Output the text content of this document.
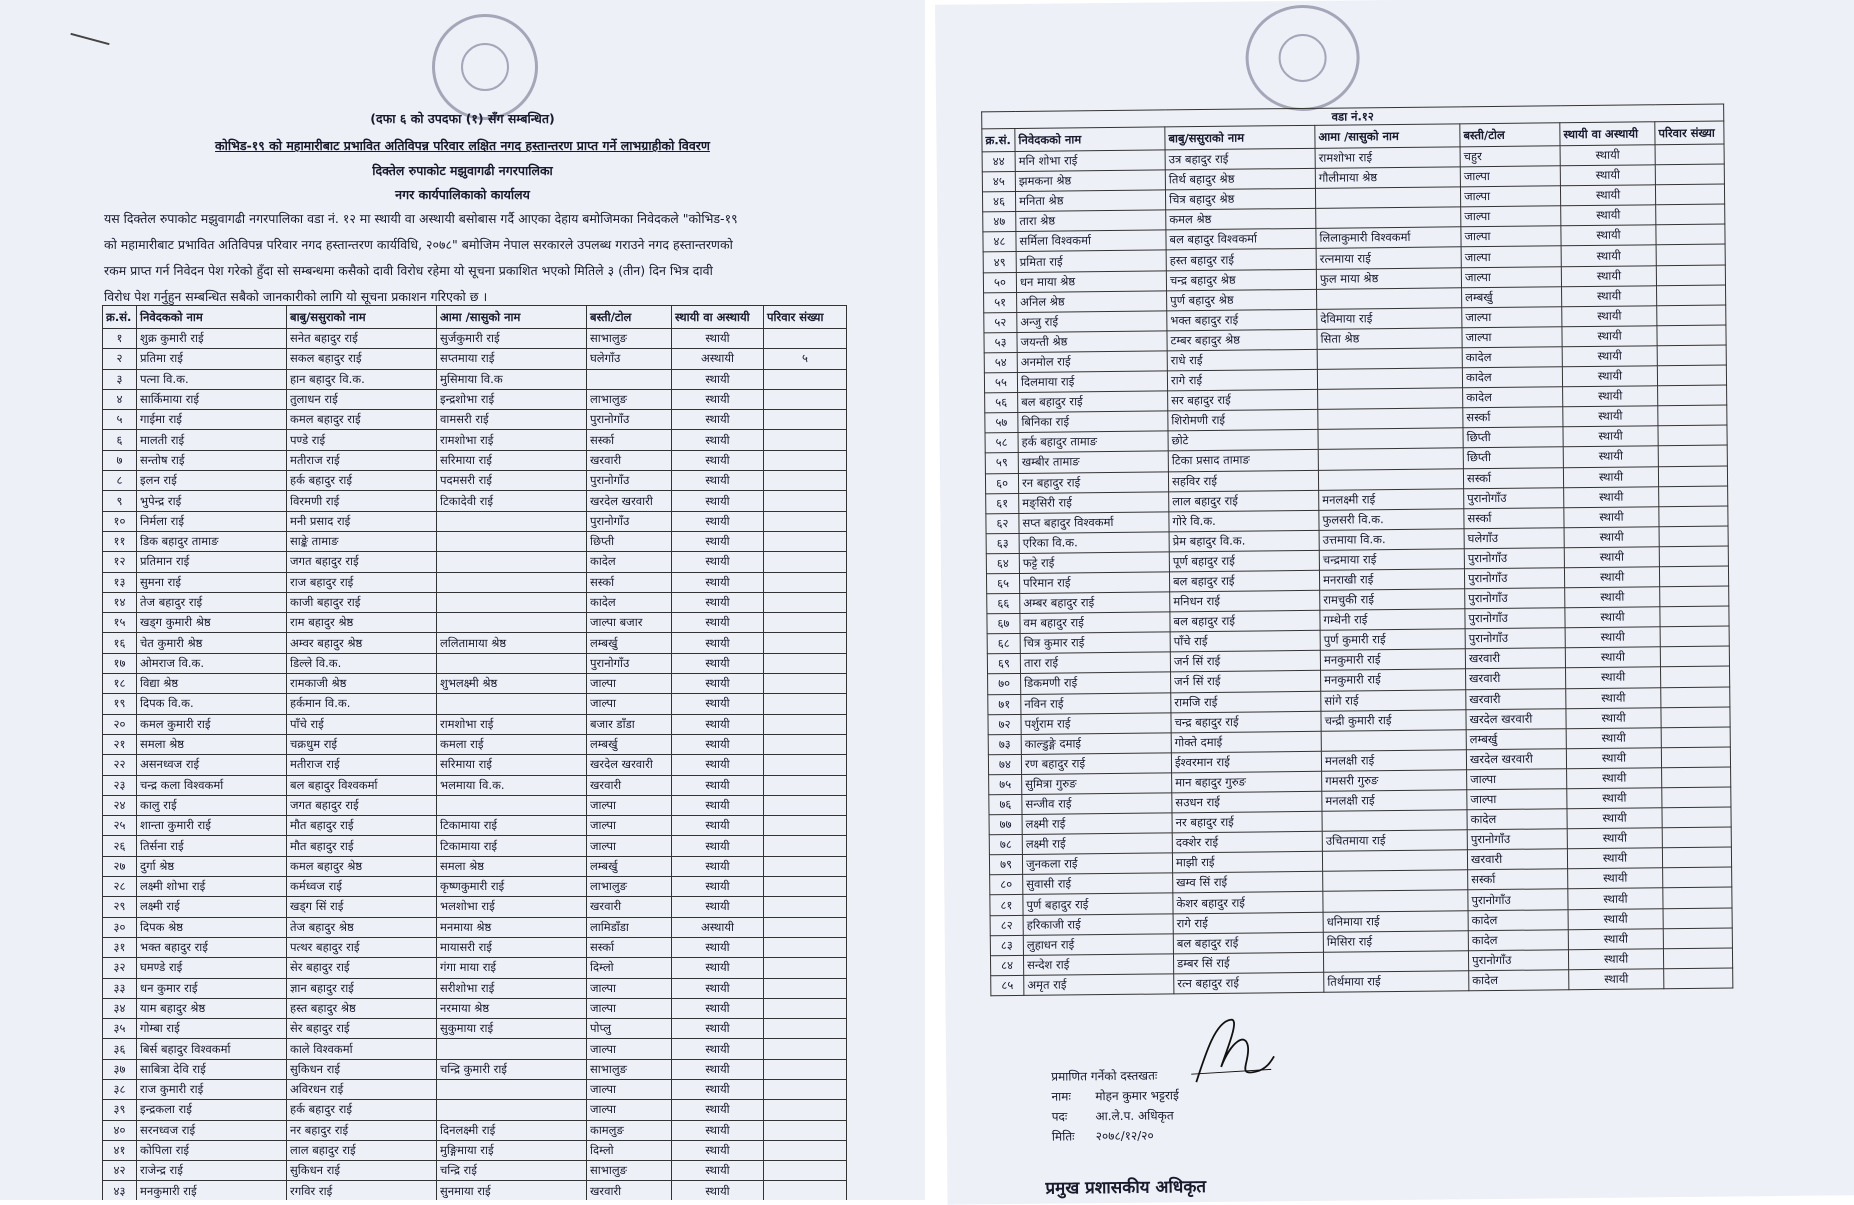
(दफा ६ को उपदफा (१) सँग सम्बन्धित)
कोभिड-१९ को महामारीबाट प्रभावित अतिविपन्न परिवार लक्षित नगद हस्तान्तरण प्राप्त गर्ने लाभग्राहीको विवरण
दिक्तेल रुपाकोट मझुवागढी नगरपालिका
नगर कार्यपालिकाको कार्यालय
यस दिक्तेल रुपाकोट मझुवागढी नगरपालिका वडा नं. १२ मा स्थायी वा अस्थायी बसोबास गर्दै आएका देहाय बमोजिमका निवेदकले "कोभिड-१९
को महामारीबाट प्रभावित अतिविपन्न परिवार नगद हस्तान्तरण कार्यविधि, २०७८" बमोजिम नेपाल सरकारले उपलब्ध गराउने नगद हस्तान्तरणको
रकम प्राप्त गर्न निवेदन पेश गरेको हुँदा सो सम्बन्धमा कसैको दावी विरोध रहेमा यो सूचना प्रकाशित भएको मितिले ३ (तीन) दिन भित्र दावी
विरोध पेश गर्नुहुन सम्बन्धित सबैको जानकारीको लागि यो सूचना प्रकाशन गरिएको छ ।
क्र.सं.	निवेदकको नाम	बाबु/ससुराको नाम	आमा /सासुको नाम	बस्ती/टोल	स्थायी वा अस्थायी	परिवार संख्या
१	शुक्र कुमारी राई	सनेत बहादुर राई	सुर्जकुमारी राई	साभालुङ	स्थायी	
२	प्रतिमा राई	सकल बहादुर राई	सप्तमाया राई	घलेगाँउ	अस्थायी	५
३	पत्ना वि.क.	हान बहादुर वि.क.	मुसिमाया वि.क		स्थायी	
४	सार्किमाया राई	तुलाधन राई	इन्द्रशोभा राई	लाभालुङ	स्थायी	
५	गाईमा राई	कमल बहादुर राई	वामसरी राई	पुरानोगाँउ	स्थायी	
६	मालती राई	पण्डे राई	रामशोभा राई	सर्स्का	स्थायी	
७	सन्तोष राई	मतीराज राई	सरिमाया राई	खरवारी	स्थायी	
८	इलन राई	हर्क बहादुर राई	पदमसरी राई	पुरानोगाँउ	स्थायी	
९	भुपेन्द्र राई	विरमणी राई	टिकादेवी राई	खरदेल खरवारी	स्थायी	
१०	निर्मला राई	मनी प्रसाद राई		पुरानोगाँउ	स्थायी	
११	डिक बहादुर तामाङ	साङ्के तामाङ		छिप्ती	स्थायी	
१२	प्रतिमान राई	जगत बहादुर राई		कादेल	स्थायी	
१३	सुमना राई	राज बहादुर राई		सर्स्का	स्थायी	
१४	तेज बहादुर राई	काजी बहादुर राई		कादेल	स्थायी	
१५	खड्ग कुमारी श्रेष्ठ	राम बहादुर श्रेष्ठ		जाल्पा बजार	स्थायी	
१६	चेत कुमारी श्रेष्ठ	अम्वर बहादुर श्रेष्ठ	ललितामाया श्रेष्ठ	लम्बर्खु	स्थायी	
१७	ओमराज वि.क.	डिल्ले वि.क.		पुरानोगाँउ	स्थायी	
१८	विद्या श्रेष्ठ	रामकाजी श्रेष्ठ	शुभलक्ष्मी श्रेष्ठ	जाल्पा	स्थायी	
१९	दिपक वि.क.	हर्कमान वि.क.		जाल्पा	स्थायी	
२०	कमल कुमारी राई	पाँचे राई	रामशोभा राई	बजार डाँडा	स्थायी	
२१	समला श्रेष्ठ	चक्रधुम राई	कमला राई	लम्बर्खु	स्थायी	
२२	असनध्वज राई	मतीराज राई	सरिमाया राई	खरदेल खरवारी	स्थायी	
२३	चन्द्र कला विश्वकर्मा	बल बहादुर विश्वकर्मा	भलमाया वि.क.	खरवारी	स्थायी	
२४	कालु राई	जगत बहादुर राई		जाल्पा	स्थायी	
२५	शान्ता कुमारी राई	मौत बहादुर राई	टिकामाया राई	जाल्पा	स्थायी	
२६	तिर्सना राई	मौत बहादुर राई	टिकामाया राई	जाल्पा	स्थायी	
२७	दुर्गा श्रेष्ठ	कमल बहादुर श्रेष्ठ	समला श्रेष्ठ	लम्बर्खु	स्थायी	
२८	लक्ष्मी शोभा राई	कर्मध्वज राई	कृष्णकुमारी राई	लाभालुङ	स्थायी	
२९	लक्ष्मी राई	खड्ग सिं राई	भलशोभा राई	खरवारी	स्थायी	
३०	दिपक श्रेष्ठ	तेज बहादुर श्रेष्ठ	मनमाया श्रेष्ठ	लामिडाँडा	अस्थायी	
३१	भक्त बहादुर राई	पत्थर बहादुर राई	मायासरी राई	सर्स्का	स्थायी	
३२	घमण्डे राई	सेर बहादुर राई	गंगा माया राई	दिम्लो	स्थायी	
३३	धन कुमार राई	ज्ञान बहादुर राई	सरीशोभा राई	जाल्पा	स्थायी	
३४	याम बहादुर श्रेष्ठ	हस्त बहादुर श्रेष्ठ	नरमाया श्रेष्ठ	जाल्पा	स्थायी	
३५	गोम्बा राई	सेर बहादुर राई	सुकुमाया राई	पोप्लु	स्थायी	
३६	बिर्स बहादुर विश्वकर्मा	काले विश्वकर्मा		जाल्पा	स्थायी	
३७	साबित्रा देवि राई	सुकिधन राई	चन्द्रि कुमारी राई	साभालुङ	स्थायी	
३८	राज कुमारी राई	अविरधन राई		जाल्पा	स्थायी	
३९	इन्द्रकला राई	हर्क बहादुर राई		जाल्पा	स्थायी	
४०	सरनध्वज राई	नर बहादुर राई	दिनलक्ष्मी राई	कामलुङ	स्थायी	
४१	कोपिला राई	लाल बहादुर राई	मुङ्गिमाया राई	दिम्लो	स्थायी	
४२	राजेन्द्र राई	सुकिधन राई	चन्द्रि राई	साभालुङ	स्थायी	
४३	मनकुमारी राई	रगविर राई	सुनमाया राई	खरवारी	स्थायी	
वडा नं.१२						
क्र.सं.	निवेदकको नाम	बाबु/ससुराको नाम	आमा /सासुको नाम	बस्ती/टोल	स्थायी वा अस्थायी	परिवार संख्या
४४	मनि शोभा राई	उत्र बहादुर राई	रामशोभा राई	चहुर	स्थायी	
४५	झमकना श्रेष्ठ	तिर्थ बहादुर श्रेष्ठ	गौलीमाया श्रेष्ठ	जाल्पा	स्थायी	
४६	मनिता श्रेष्ठ	चित्र बहादुर श्रेष्ठ		जाल्पा	स्थायी	
४७	तारा श्रेष्ठ	कमल श्रेष्ठ		जाल्पा	स्थायी	
४८	सर्मिला विश्वकर्मा	बल बहादुर विश्वकर्मा	लिलाकुमारी विश्वकर्मा	जाल्पा	स्थायी	
४९	प्रमिता राई	हस्त बहादुर राई	रत्नमाया राई	जाल्पा	स्थायी	
५०	धन माया श्रेष्ठ	चन्द्र बहादुर श्रेष्ठ	फुल माया श्रेष्ठ	जाल्पा	स्थायी	
५१	अनिल श्रेष्ठ	पुर्ण बहादुर श्रेष्ठ		लम्बर्खु	स्थायी	
५२	अन्जु राई	भक्त बहादुर राई	देविमाया राई	जाल्पा	स्थायी	
५३	जयन्ती श्रेष्ठ	टम्बर बहादुर श्रेष्ठ	सिता श्रेष्ठ	जाल्पा	स्थायी	
५४	अनमोल राई	राधे राई		कादेल	स्थायी	
५५	दिलमाया राई	रागे राई		कादेल	स्थायी	
५६	बल बहादुर राई	सर बहादुर राई		कादेल	स्थायी	
५७	बिनिका राई	शिरोमणी राई		सर्स्का	स्थायी	
५८	हर्क बहादुर तामाङ	छोटे		छिप्ती	स्थायी	
५९	खम्बीर तामाङ	टिका प्रसाद तामाङ		छिप्ती	स्थायी	
६०	रन बहादुर राई	सहविर राई		सर्स्का	स्थायी	
६१	मङ्सिरी राई	लाल बहादुर राई	मनलक्ष्मी राई	पुरानोगाँउ	स्थायी	
६२	सप्त बहादुर विश्वकर्मा	गोरे वि.क.	फुलसरी वि.क.	सर्स्का	स्थायी	
६३	एरिका वि.क.	प्रेम बहादुर वि.क.	उत्तमाया वि.क.	घलेगाँउ	स्थायी	
६४	फट्टे राई	पूर्ण बहादुर राई	चन्द्रमाया राई	पुरानोगाँउ	स्थायी	
६५	परिमान राई	बल बहादुर राई	मनराखी राई	पुरानोगाँउ	स्थायी	
६६	अम्बर बहादुर राई	मनिधन राई	रामचुकी राई	पुरानोगाँउ	स्थायी	
६७	वम बहादुर राई	बल बहादुर राई	गम्धेनी राई	पुरानोगाँउ	स्थायी	
६८	चित्र कुमार राई	पाँचे राई	पुर्ण कुमारी राई	पुरानोगाँउ	स्थायी	
६९	तारा राई	जर्न सिं राई	मनकुमारी राई	खरवारी	स्थायी	
७०	डिकमणी राई	जर्न सिं राई	मनकुमारी राई	खरवारी	स्थायी	
७१	नविन राई	रामजि राई	सांगे राई	खरवारी	स्थायी	
७२	पर्शुराम राई	चन्द्र बहादुर राई	चन्द्री कुमारी राई	खरदेल खरवारी	स्थायी	
७३	काल्डुङ्गे दमाई	गोक्ते दमाई		लम्बर्खु	स्थायी	
७४	रण बहादुर राई	ईश्वरमान राई	मनलक्षी राई	खरदेल खरवारी	स्थायी	
७५	सुमित्रा गुरुङ	मान बहादुर गुरुङ	गमसरी गुरुङ	जाल्पा	स्थायी	
७६	सन्जीव राई	सउधन राई	मनलक्षी राई	जाल्पा	स्थायी	
७७	लक्ष्मी राई	नर बहादुर राई		कादेल	स्थायी	
७८	लक्ष्मी राई	दक्शेर राई	उचितमाया राई	पुरानोगाँउ	स्थायी	
७९	जुनकला राई	माझी राई		खरवारी	स्थायी	
८०	सुवासी राई	खम्व सिं राई		सर्स्का	स्थायी	
८१	पुर्ण बहादुर राई	केशर बहादुर राई		पुरानोगाँउ	स्थायी	
८२	हरिकाजी राई	रागे राई	धनिमाया राई	कादेल	स्थायी	
८३	लुहाधन राई	बल बहादुर राई	मिसिरा राई	कादेल	स्थायी	
८४	सन्देश राई	डम्बर सिं राई		पुरानोगाँउ	स्थायी	
८५	अमृत राई	रत्न बहादुर राई	तिर्थमाया राई	कादेल	स्थायी	
प्रमाणित गर्नेको दस्तखतः
नामः मोहन कुमार भट्टराई
पदः आ.ले.प. अधिकृत
मितिः २०७८/१२/२०
प्रमुख प्रशासकीय अधिकृत
